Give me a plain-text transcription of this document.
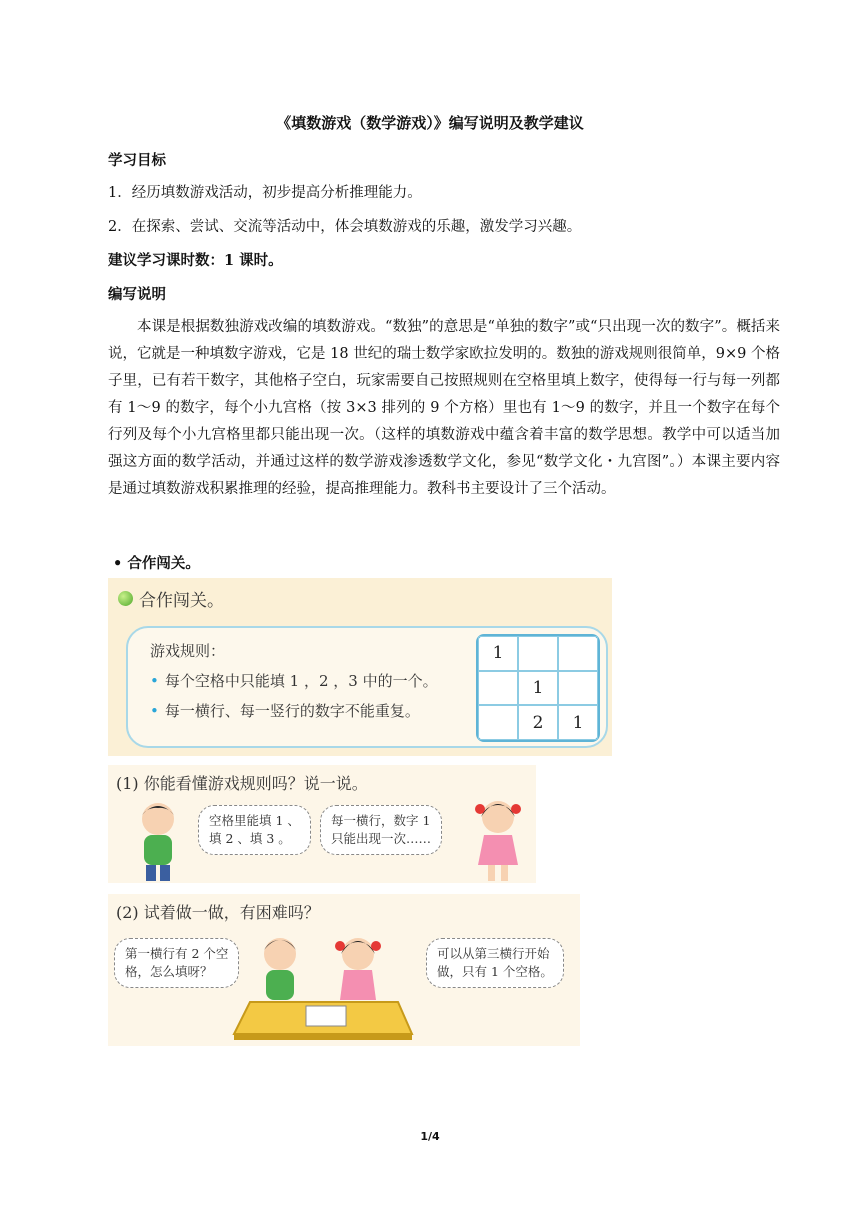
《填数游戏（数学游戏）》编写说明及教学建议
学习目标
1．经历填数游戏活动，初步提高分析推理能力。
2．在探索、尝试、交流等活动中，体会填数游戏的乐趣，激发学习兴趣。
建议学习课时数：1 课时。
编写说明
本课是根据数独游戏改编的填数游戏。“数独”的意思是“单独的数字”或“只出现一次的数字”。概括来说，它就是一种填数字游戏，它是 18 世纪的瑞士数学家欧拉发明的。数独的游戏规则很简单，9×9 个格子里，已有若干数字，其他格子空白，玩家需要自己按照规则在空格里填上数字，使得每一行与每一列都有 1～9 的数字，每个小九宫格（按 3×3 排列的 9 个方格）里也有 1～9 的数字，并且一个数字在每个行列及每个小九宫格里都只能出现一次。（这样的填数游戏中蕴含着丰富的数学思想。教学中可以适当加强这方面的数学活动，并通过这样的数学游戏渗透数学文化，参见“数学文化・九宫图”。）本课主要内容是通过填数游戏积累推理的经验，提高推理能力。教科书主要设计了三个活动。
• 合作闯关。
合作闯关。
游戏规则：
• 每个空格中只能填 1 ，2 ，3 中的一个。
• 每一横行、每一竖行的数字不能重复。
1
1
2	1
(1) 你能看懂游戏规则吗？说一说。
空格里能填 1 、
填 2 、填 3 。
每一横行，数字 1
只能出现一次……
(2) 试着做一做，有困难吗？
第一横行有 2 个空
格，怎么填呀？
可以从第三横行开始
做，只有 1 个空格。
1/4
